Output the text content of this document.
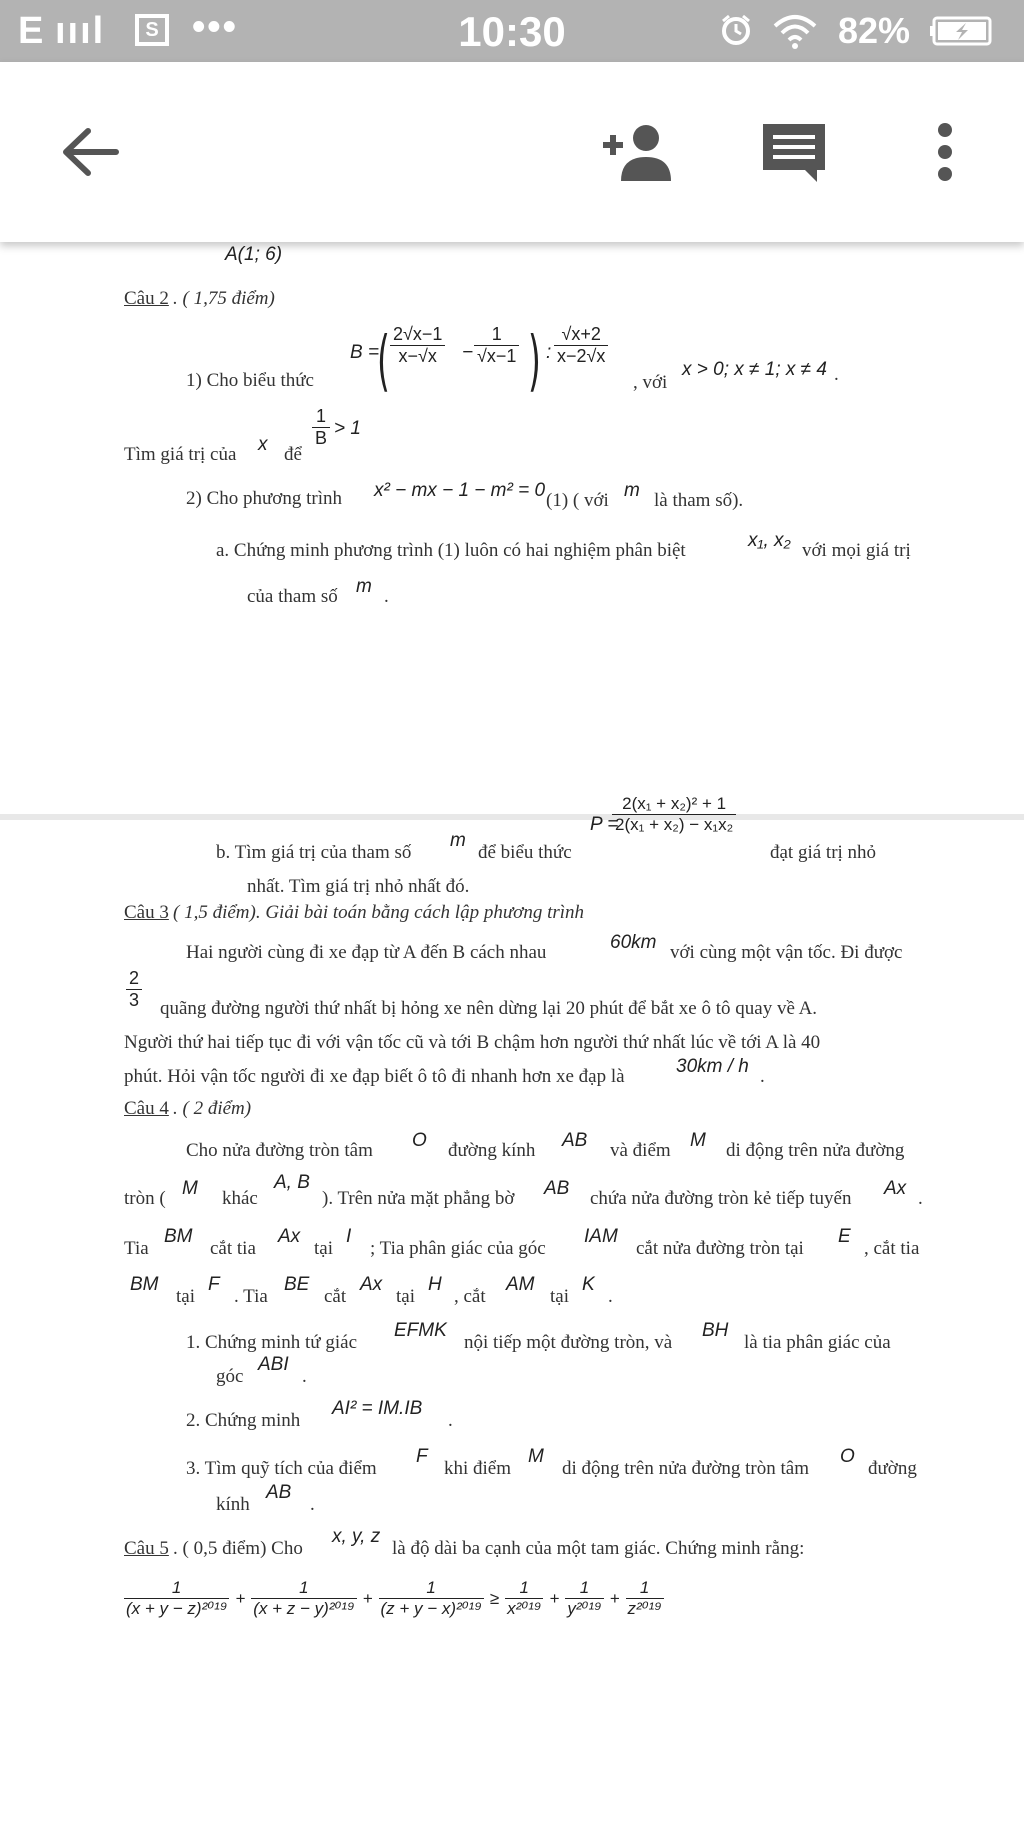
E ıııl	S •••	10:30	82%
A(1; 6)
Câu 2 . ( 1,75 điểm)
1) Cho biểu thức
B =
( $\frac{2√x-1}{x-√x} - \frac{1}{√x-1}$ ) : $\frac{√x+2}{x-2√x}$
, với
x > 0; x ≠ 1; x ≠ 4 .
Tìm giá trị của x để
$\frac{1}{B} > 1$
2) Cho phương trình x² − mx − 1 − m² = 0 (1) ( với m là tham số).
a. Chứng minh phương trình (1) luôn có hai nghiệm phân biệt	x₁, x₂ với mọi giá trị
của tham số m .
$\frac{\text{2(x₁ + x₂)² + 1}}{\text{2(x₁ + x₂) − x₁x₂}}$
P =
b. Tìm giá trị của tham số
m
để biểu thức	đạt giá trị nhỏ
nhất. Tìm giá trị nhỏ nhất đó.
Câu 3 ( 1,5 điểm). Giải bài toán bằng cách lập phương trình
Hai người cùng đi xe đạp từ A đến B cách nhau	60km với cùng một vận tốc. Đi được
$\frac{2}{3}$ quãng đường người thứ nhất bị hỏng xe nên dừng lại 20 phút để bắt xe ô tô quay về A.
Người thứ hai tiếp tục đi với vận tốc cũ và tới B chậm hơn người thứ nhất lúc về tới A là 40
phút. Hỏi vận tốc người đi xe đạp biết ô tô đi nhanh hơn xe đạp là	30km / h .
Câu 4 . ( 2 điểm)
Cho nửa đường tròn tâm O đường kính AB và điểm M di động trên nửa đường
tròn ( M khác
A, B
). Trên nửa mặt phẳng bờ AB chứa nửa đường tròn kẻ tiếp tuyến Ax .
Tia
BM
cắt tia
Ax
tại
I
; Tia phân giác của góc
IAM
cắt nửa đường tròn tại
E
, cắt tia
BM
tại
F
. Tia
BE
cắt
Ax
tại
H
, cắt
AM
tại
K
.
1. Chứng minh tứ giác
EFMK
nội tiếp một đường tròn, và
BH
là tia phân giác của
góc
ABI
.
2. Chứng minh
AI² = IM.IB
.
3. Tìm quỹ tích của điểm
F
khi điểm
M
di động trên nửa đường tròn tâm
O
đường
kính
AB
.
Câu 5 . ( 0,5 điểm) Cho
x, y, z
là độ dài ba cạnh của một tam giác. Chứng minh rằng:
$\frac{1}{\text{(x + y − z)²⁰¹⁹}} + \frac{1}{\text{(x + z − y)²⁰¹⁹}} + \frac{1}{\text{(z + y − x)²⁰¹⁹}} \ge \frac{1}{\text{x²⁰¹⁹}} + \frac{1}{\text{y²⁰¹⁹}} + \frac{1}{\text{z²⁰¹⁹}}$
